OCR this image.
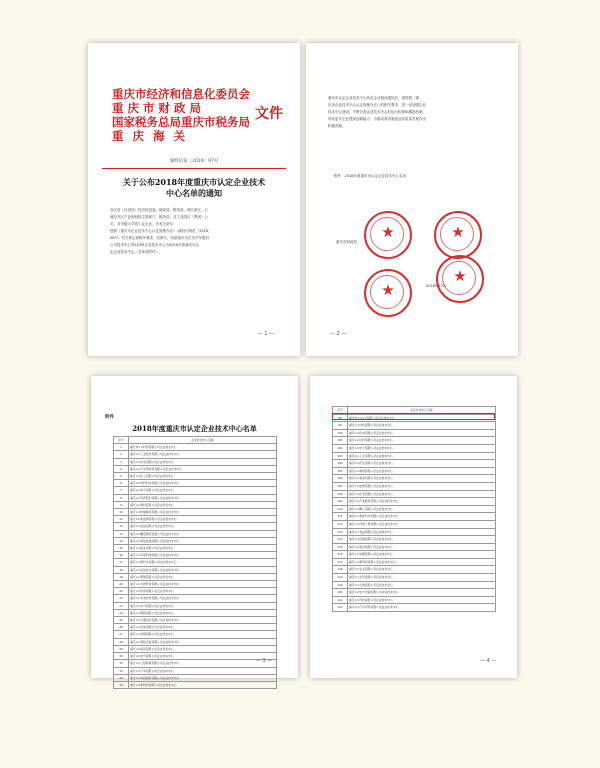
重庆市经济和信息化委员会
重庆市财政局
国家税务总局重庆市税务局
重庆海关
文件
渝经信发〔2018〕97号
关于公布2018年度重庆市认定企业技术
中心名单的通知
各区县（自治县）经济信息委、财政局、税务局、两江新区、万
盛经开区产业和财政主管部门，税务局，各工业园区（集团）公
司，各市级大学园工业企业、各有关单位：
按照《重庆市企业技术中心认定管理办法》（渝经信规范〔2018〕
06号）有关规定和程序要求，经研究，同意重庆市长安汽车股份
公司技术中心等123家企业技术中心为2018年度重庆市认
定企业技术中心（名单见附件）。
— 1 —
重庆市认定企业技术中心所在企业接此通知后，请按照《重
庆市企业技术中心认定管理办法》的相关要求，进一步加强企业
技术中心建设，不断完善企业技术中心的运行机制和激励机制，
带动更多企业提高创新能力，为推动我市制造业高质量发展作出
积极贡献。
附件：2018年度重庆市认定企业技术中心名单
★	★
★
★
重庆市财政局
2018年12月
— 2 —
附件
2018年度重庆市认定企业技术中心名单
序号	企业技术中心名称
1	重庆市××科技有限公司企业技术中心
2	重庆××工业股份有限公司企业技术中心
3	重庆××机电有限公司企业技术中心
4	重庆××汽车零部件有限公司企业技术中心
5	重庆××化工有限公司企业技术中心
6	重庆××材料科技有限公司企业技术中心
7	重庆××电子有限公司企业技术中心
8	重庆××医药股份有限公司企业技术中心
9	重庆××建材有限公司企业技术中心
10	重庆××机械制造有限公司企业技术中心
11	重庆××新能源有限公司企业技术中心
12	重庆××食品有限公司企业技术中心
13	重庆××精密制造有限公司企业技术中心
14	重庆××智能装备有限公司企业技术中心
15	重庆××铝业有限公司企业技术中心
16	重庆××环保科技有限公司企业技术中心
17	重庆××摩托车有限公司企业技术中心
18	重庆××信息技术有限公司企业技术中心
19	重庆××塑胶有限公司企业技术中心
20	重庆××生物科技有限公司企业技术中心
21	重庆××纺织有限公司企业技术中心
22	重庆××光电科技有限公司企业技术中心
23	重庆××动力有限公司企业技术中心
24	重庆××钢铁有限公司企业技术中心
25	重庆××仪器仪表有限公司企业技术中心
26	重庆××包装有限公司企业技术中心
27	重庆××玻璃有限公司企业技术中心
28	重庆××通信设备有限公司企业技术中心
29	重庆××模具有限公司企业技术中心
30	重庆××电气有限公司企业技术中心
31	重庆××工程机械有限公司企业技术中心
32	重庆××汽车有限公司企业技术中心
33	重庆××科技股份有限公司企业技术中心
34	重庆××新材料有限公司企业技术中心
— 3 —
序号	企业技术中心名称
98	重庆市××××有限公司企业技术中心
99	重庆××材料有限公司企业技术中心
100	重庆××机电有限公司企业技术中心
101	重庆××科技有限公司企业技术中心
102	重庆××电子有限公司企业技术中心
103	重庆××工业有限公司企业技术中心
104	重庆××药业有限公司企业技术中心
105	重庆××制造有限公司企业技术中心
106	重庆××装备有限公司企业技术中心
107	重庆××能源有限公司企业技术中心
108	重庆××化学有限公司企业技术中心
109	重庆××汽车配件有限公司企业技术中心
110	重庆××精工有限公司企业技术中心
111	重庆××智能科技有限公司企业技术中心
112	重庆××环境工程有限公司企业技术中心
113	重庆××食品有限公司企业技术中心
114	重庆××机械有限公司企业技术中心
115	重庆××建设有限公司企业技术中心
116	重庆××电器有限公司企业技术中心
117	重庆××新材料有限公司企业技术中心
118	重庆××实业有限公司企业技术中心
119	重庆××光学有限公司企业技术中心
120	重庆××生物有限公司企业技术中心
121	重庆××电力设备有限公司企业技术中心
122	重庆××科技有限公司企业技术中心
123	重庆××汽车部件有限公司企业技术中心
— 4 —
